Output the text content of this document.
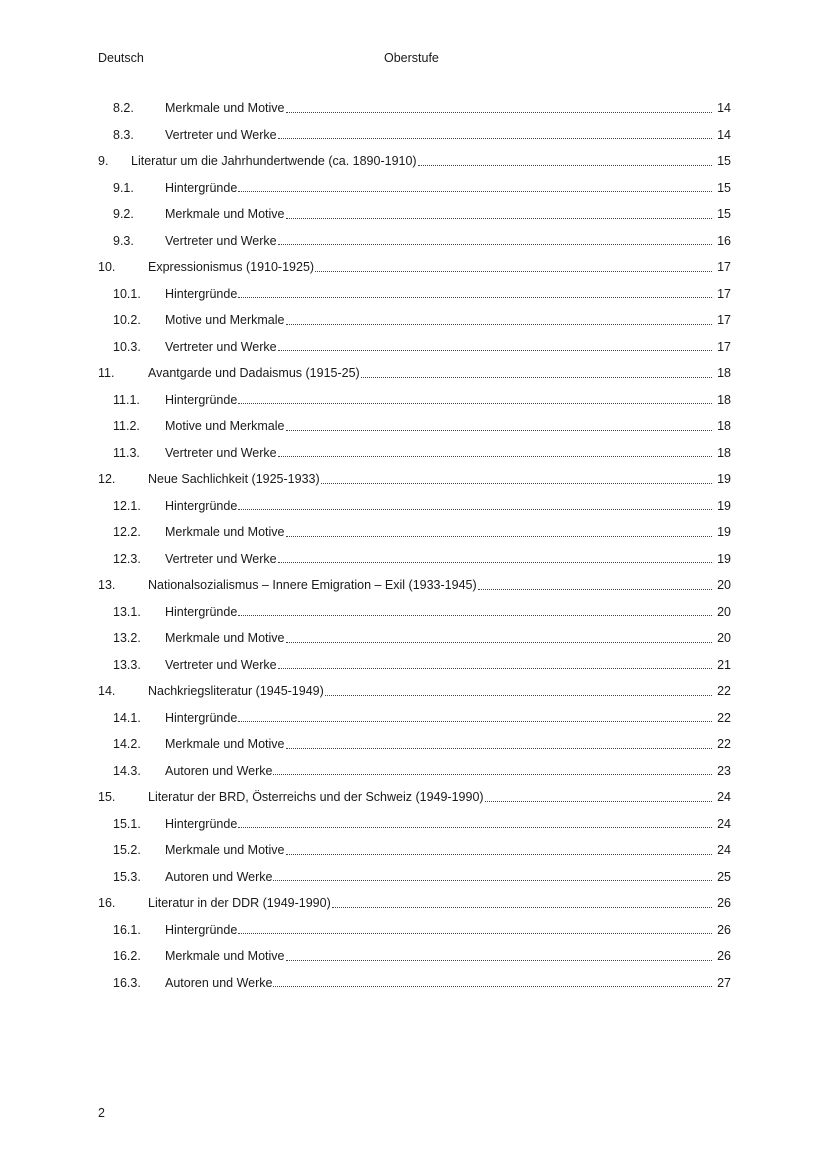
Deutsch	Oberstufe
8.2.	Merkmale und Motive	14
8.3.	Vertreter und Werke	14
9.	Literatur um die Jahrhundertwende (ca. 1890-1910)	15
9.1.	Hintergründe	15
9.2.	Merkmale und Motive	15
9.3.	Vertreter und Werke	16
10.	Expressionismus (1910-1925)	17
10.1.	Hintergründe	17
10.2.	Motive und Merkmale	17
10.3.	Vertreter und Werke	17
11.	Avantgarde und Dadaismus (1915-25)	18
11.1.	Hintergründe	18
11.2.	Motive und Merkmale	18
11.3.	Vertreter und Werke	18
12.	Neue Sachlichkeit (1925-1933)	19
12.1.	Hintergründe	19
12.2.	Merkmale und Motive	19
12.3.	Vertreter und Werke	19
13.	Nationalsozialismus – Innere Emigration – Exil (1933-1945)	20
13.1.	Hintergründe	20
13.2.	Merkmale und Motive	20
13.3.	Vertreter und Werke	21
14.	Nachkriegsliteratur (1945-1949)	22
14.1.	Hintergründe	22
14.2.	Merkmale und Motive	22
14.3.	Autoren und Werke	23
15.	Literatur der BRD, Österreichs und der Schweiz (1949-1990)	24
15.1.	Hintergründe	24
15.2.	Merkmale und Motive	24
15.3.	Autoren und Werke	25
16.	Literatur in der DDR (1949-1990)	26
16.1.	Hintergründe	26
16.2.	Merkmale und Motive	26
16.3.	Autoren und Werke	27
2
